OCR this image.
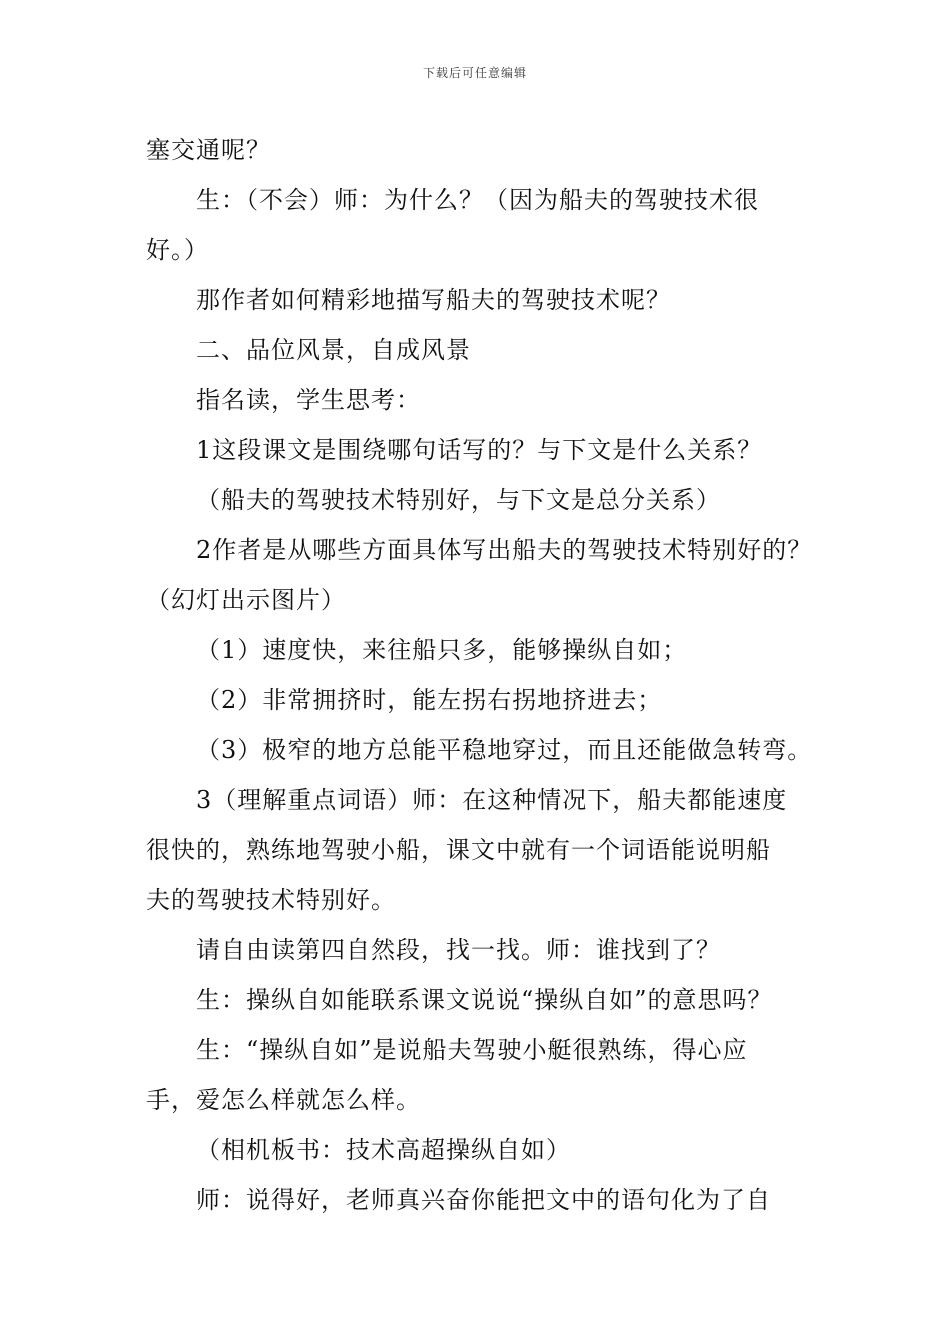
下载后可任意编辑
塞交通呢？
生：（不会）师：为什么？（因为船夫的驾驶技术很
好。）
那作者如何精彩地描写船夫的驾驶技术呢？
二、品位风景，自成风景
指名读，学生思考：
1这段课文是围绕哪句话写的？与下文是什么关系？
（船夫的驾驶技术特别好，与下文是总分关系）
2作者是从哪些方面具体写出船夫的驾驶技术特别好的？
（幻灯出示图片）
（1）速度快，来往船只多，能够操纵自如；
（2）非常拥挤时，能左拐右拐地挤进去；
（3）极窄的地方总能平稳地穿过，而且还能做急转弯。
3（理解重点词语）师：在这种情况下，船夫都能速度
很快的，熟练地驾驶小船，课文中就有一个词语能说明船
夫的驾驶技术特别好。
请自由读第四自然段，找一找。师：谁找到了？
生：操纵自如能联系课文说说“操纵自如”的意思吗？
生：“操纵自如”是说船夫驾驶小艇很熟练，得心应
手，爱怎么样就怎么样。
（相机板书：技术高超操纵自如）
师：说得好，老师真兴奋你能把文中的语句化为了自
